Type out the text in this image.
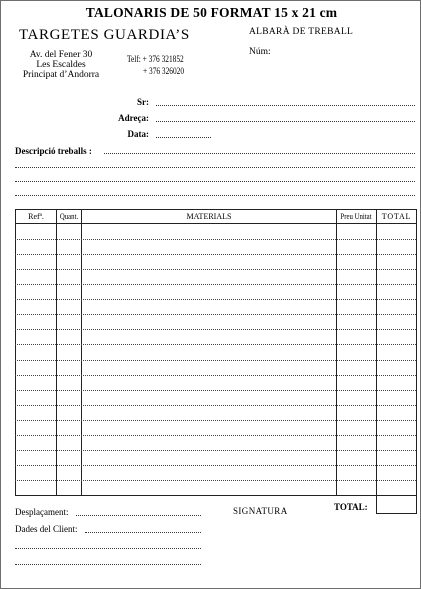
TALONARIS DE 50 FORMAT 15 x 21 cm
TARGETES GUARDIA’S
Av. del Fener 30
Les Escaldes
Principat d’Andorra
Telf: + 376 321852
+ 376 326020
ALBARÀ DE TREBALL
Núm:
Sr:
Adreça:
Data:
Descripció treballs :
Refª.	Quant.	MATERIALS	Preu Unitat	TOTAL
Desplaçament:	SIGNATURA	TOTAL:
Dades del Client:
